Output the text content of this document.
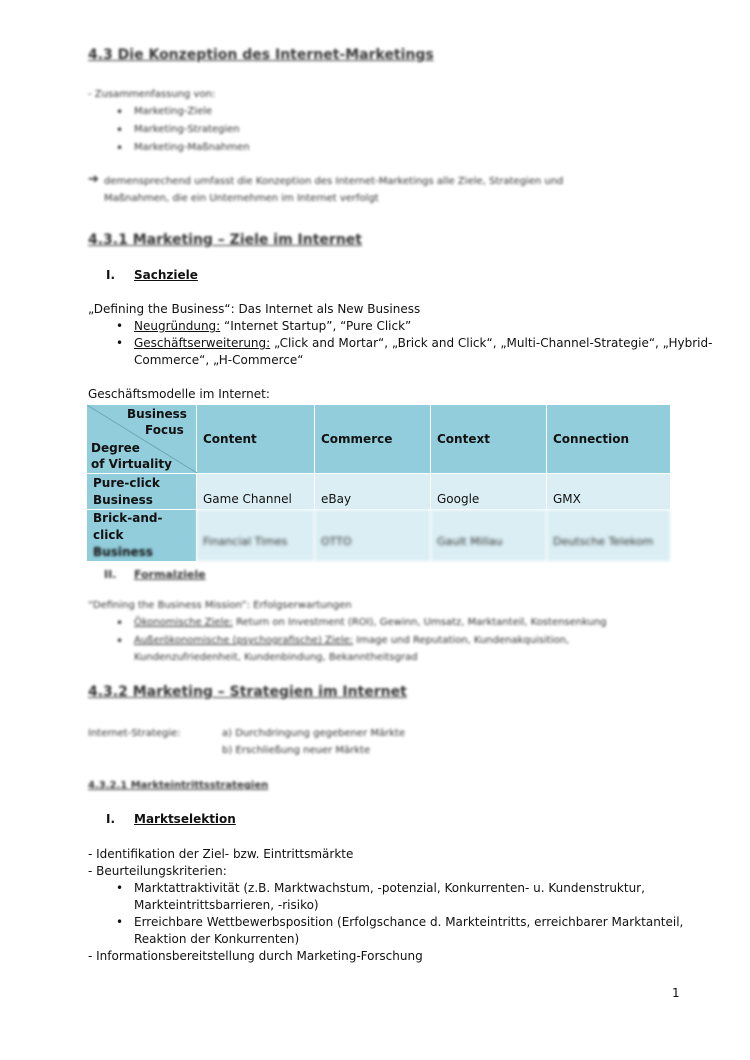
4.3 Die Konzeption des Internet-Marketings
- Zusammenfassung von:
• Marketing-Ziele
• Marketing-Strategien
• Marketing-Maßnahmen
➔ demensprechend umfasst die Konzeption des Internet-Marketings alle Ziele, Strategien und
Maßnahmen, die ein Unternehmen im Internet verfolgt
4.3.1 Marketing – Ziele im Internet
I. Sachziele
„Defining the Business“: Das Internet als New Business
• Neugründung: “Internet Startup”, “Pure Click”
• Geschäftserweiterung: „Click and Mortar“, „Brick and Click“, „Multi-Channel-Strategie“, „Hybrid-
Commerce“, „H-Commerce“
Geschäftsmodelle im Internet:
Business
Focus
Degree
of Virtuality	Content	Commerce	Context	Connection

Pure-click
Business	Game Channel	eBay	Google	GMX

Brick-and-click
Business	Financial Times	OTTO	Gault Millau	Deutsche Telekom
II. Formalziele
“Defining the Business Mission”: Erfolgserwartungen
• Ökonomische Ziele: Return on Investment (ROI), Gewinn, Umsatz, Marktanteil, Kostensenkung
• Außerökonomische (psychografische) Ziele: Image und Reputation, Kundenakquisition,
Kundenzufriedenheit, Kundenbindung, Bekanntheitsgrad
4.3.2 Marketing – Strategien im Internet
Internet-Strategie:	a) Durchdringung gegebener Märkte
b) Erschließung neuer Märkte
4.3.2.1 Markteintrittsstrategien
I. Marktselektion
- Identifikation der Ziel- bzw. Eintrittsmärkte
- Beurteilungskriterien:
• Marktattraktivität (z.B. Marktwachstum, -potenzial, Konkurrenten- u. Kundenstruktur,
Markteintrittsbarrieren, -risiko)
• Erreichbare Wettbewerbsposition (Erfolgschance d. Markteintritts, erreichbarer Marktanteil,
Reaktion der Konkurrenten)
- Informationsbereitstellung durch Marketing-Forschung
1
